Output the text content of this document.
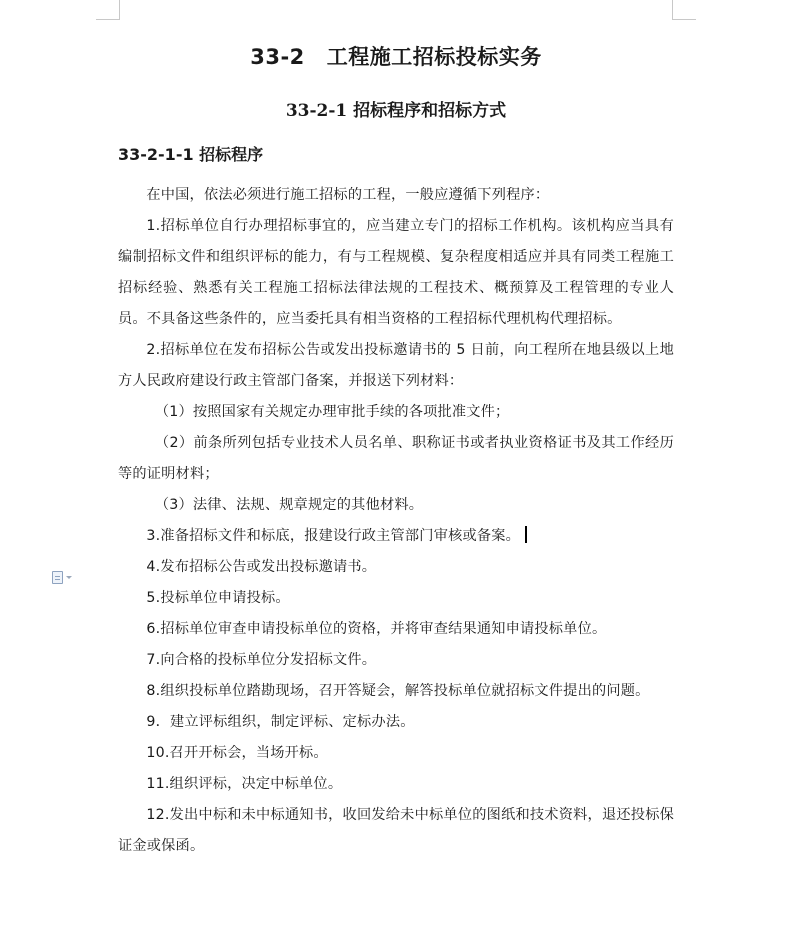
33-2 工程施工招标投标实务
33-2-1 招标程序和招标方式
33-2-1-1 招标程序
在中国，依法必须进行施工招标的工程，一般应遵循下列程序：
1.招标单位自行办理招标事宜的，应当建立专门的招标工作机构。该机构应当具有编制招标文件和组织评标的能力，有与工程规模、复杂程度相适应并具有同类工程施工招标经验、熟悉有关工程施工招标法律法规的工程技术、概预算及工程管理的专业人员。不具备这些条件的，应当委托具有相当资格的工程招标代理机构代理招标。
2.招标单位在发布招标公告或发出投标邀请书的 5 日前，向工程所在地县级以上地方人民政府建设行政主管部门备案，并报送下列材料：
（1）按照国家有关规定办理审批手续的各项批准文件；
（2）前条所列包括专业技术人员名单、职称证书或者执业资格证书及其工作经历等的证明材料；
（3）法律、法规、规章规定的其他材料。
3.准备招标文件和标底，报建设行政主管部门审核或备案。
4.发布招标公告或发出投标邀请书。
5.投标单位申请投标。
6.招标单位审查申请投标单位的资格，并将审查结果通知申请投标单位。
7.向合格的投标单位分发招标文件。
8.组织投标单位踏勘现场，召开答疑会，解答投标单位就招标文件提出的问题。
9．建立评标组织，制定评标、定标办法。
10.召开开标会，当场开标。
11.组织评标，决定中标单位。
12.发出中标和未中标通知书，收回发给未中标单位的图纸和技术资料，退还投标保证金或保函。
